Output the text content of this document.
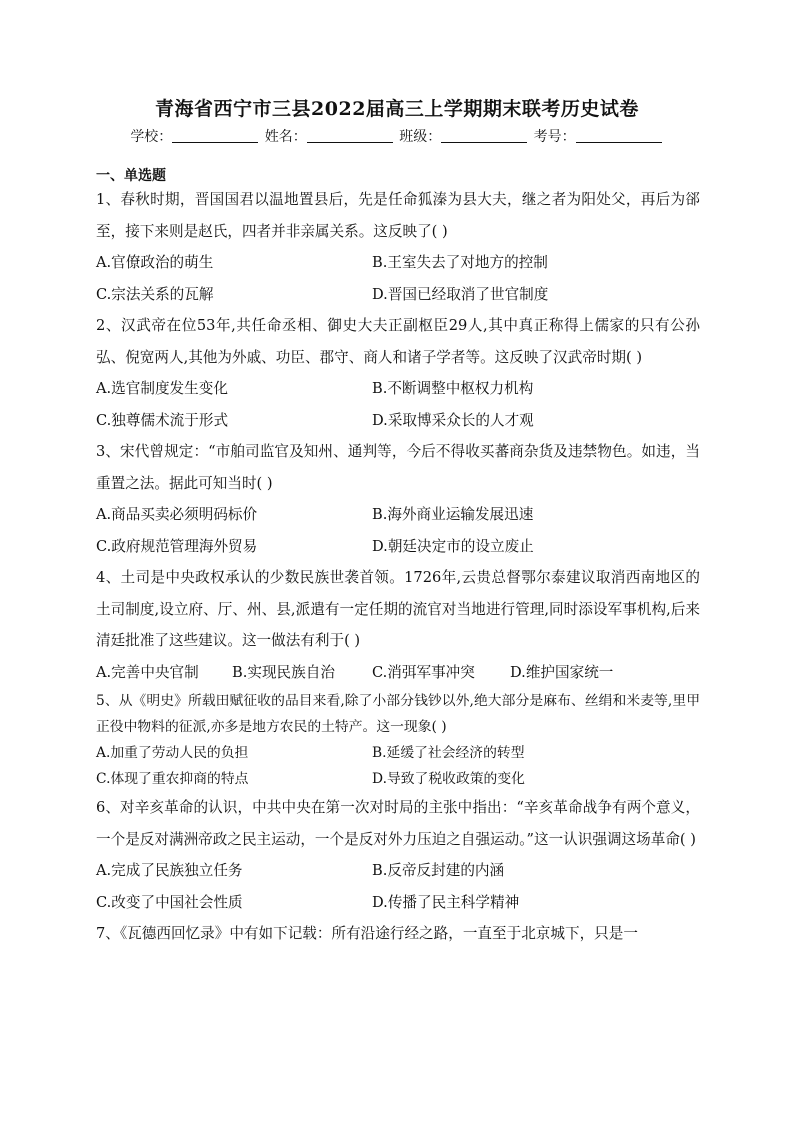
青海省西宁市三县2022届高三上学期期末联考历史试卷
学校：	姓名：	班级：	考号：
一、单选题

1、春秋时期，晋国国君以温地置县后，先是任命狐溱为县大夫，继之者为阳处父，再后为郤至，接下来则是赵氏，四者并非亲属关系。这反映了( )

A.官僚政治的萌生	B.王室失去了对地方的控制
C.宗法关系的瓦解	D.晋国已经取消了世官制度

2、汉武帝在位53年,共任命丞相、御史大夫正副枢臣29人,其中真正称得上儒家的只有公孙弘、倪宽两人,其他为外戚、功臣、郡守、商人和诸子学者等。这反映了汉武帝时期( )

A.选官制度发生变化	B.不断调整中枢权力机构
C.独尊儒术流于形式	D.采取博采众长的人才观

3、宋代曾规定：“市舶司监官及知州、通判等，今后不得收买蕃商杂货及违禁物色。如违，当重置之法。据此可知当时( )

A.商品买卖必须明码标价	B.海外商业运输发展迅速
C.政府规范管理海外贸易	D.朝廷决定市的设立废止

4、土司是中央政权承认的少数民族世袭首领。1726年,云贵总督鄂尔泰建议取消西南地区的土司制度,设立府、厅、州、县,派遣有一定任期的流官对当地进行管理,同时添设军事机构,后来清廷批准了这些建议。这一做法有利于( )

A.完善中央官制 B.实现民族自治	C.消弭军事冲突 D.维护国家统一

5、从《明史》所载田赋征收的品目来看,除了小部分钱钞以外,绝大部分是麻布、丝绢和米麦等,里甲正役中物料的征派,亦多是地方农民的土特产。这一现象( )

A.加重了劳动人民的负担	B.延缓了社会经济的转型
C.体现了重农抑商的特点	D.导致了税收政策的变化

6、对辛亥革命的认识，中共中央在第一次对时局的主张中指出：“辛亥革命战争有两个意义，一个是反对满洲帝政之民主运动，一个是反对外力压迫之自强运动。”这一认识强调这场革命( )

A.完成了民族独立任务	B.反帝反封建的内涵
C.改变了中国社会性质	D.传播了民主科学精神

7、《瓦德西回忆录》中有如下记载：所有沿途行经之路，一直至于北京城下，只是一
